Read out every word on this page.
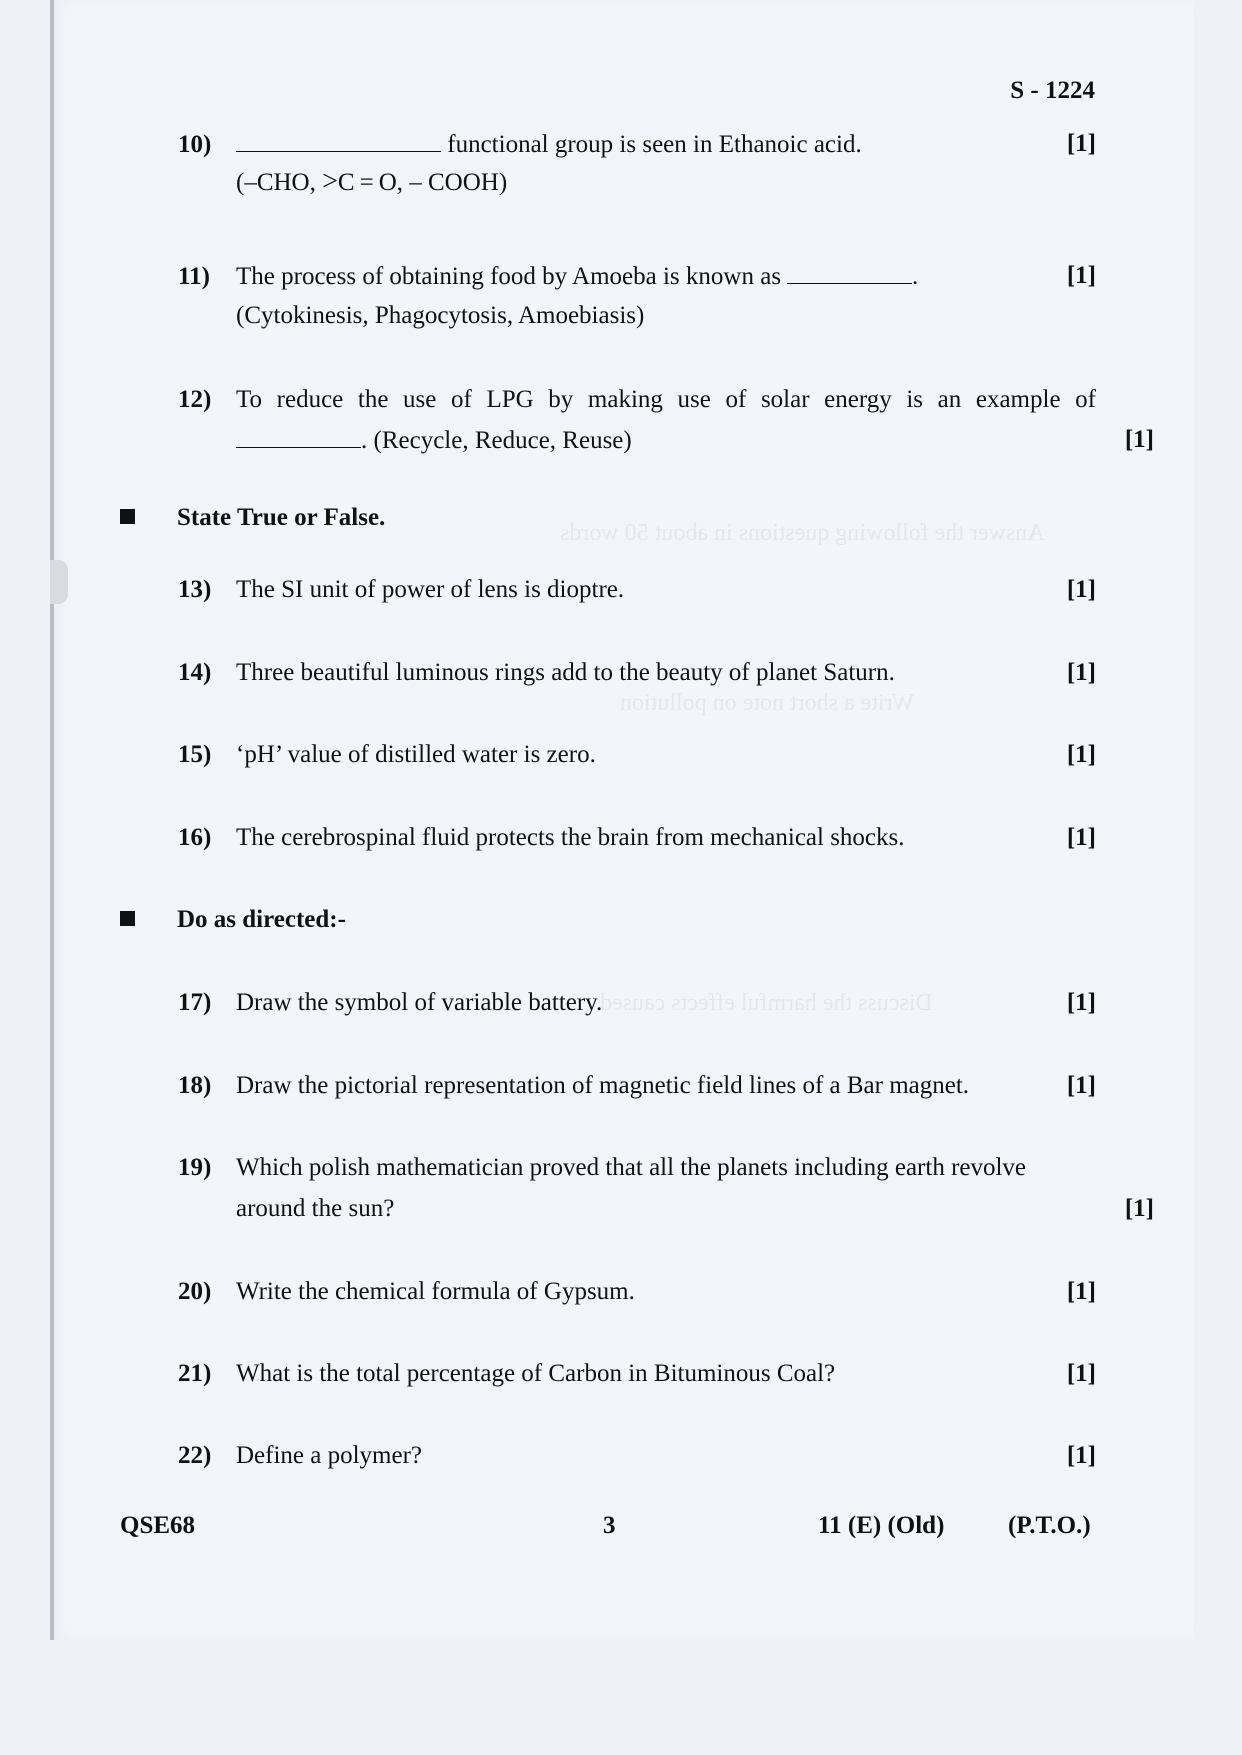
Answer the following questions in about 50 words
Write a short note on pollution
Discuss the harmful effects caused
S - 1224
10)	functional group is seen in Ethanoic acid.	[1]
(–CHO, >C = O, – COOH)
11) The process of obtaining food by Amoeba is known as	.	[1]
(Cytokinesis, Phagocytosis, Amoebiasis)
12) To reduce the use of LPG by making use of solar energy is an example of
. (Recycle, Reduce, Reuse)	[1]
State True or False.
13) The SI unit of power of lens is dioptre.	[1]
14) Three beautiful luminous rings add to the beauty of planet Saturn.	[1]
15) ‘pH’ value of distilled water is zero.	[1]
16) The cerebrospinal fluid protects the brain from mechanical shocks.	[1]
Do as directed:-
17) Draw the symbol of variable battery.	[1]
18) Draw the pictorial representation of magnetic field lines of a Bar magnet.	[1]
19) Which polish mathematician proved that all the planets including earth revolve
around the sun?	[1]
20) Write the chemical formula of Gypsum.	[1]
21) What is the total percentage of Carbon in Bituminous Coal?	[1]
22) Define a polymer?	[1]
QSE68	3	11 (E) (Old)	(P.T.O.)
